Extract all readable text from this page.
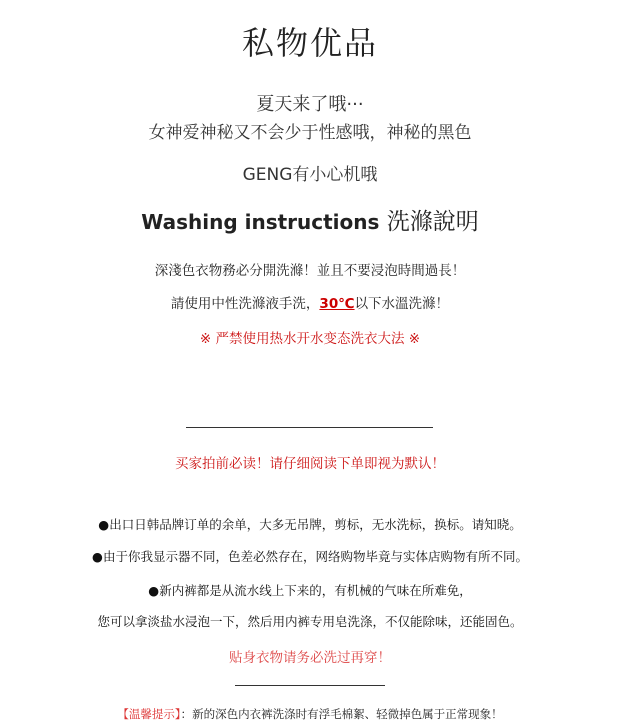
私物优品
夏天来了哦···
女神爱神秘又不会少于性感哦，神秘的黑色
GENG有小心机哦
Washing instructions 洗滌說明
深淺色衣物務必分開洗滌！並且不要浸泡時間過長！
請使用中性洗滌液手洗，30℃以下水溫洗滌！
※ 严禁使用热水开水变态洗衣大法 ※
买家拍前必读！请仔细阅读下单即视为默认！
●出口日韩品牌订单的余单，大多无吊牌，剪标，无水洗标，换标。请知晓。
●由于你我显示器不同，色差必然存在，网络购物毕竟与实体店购物有所不同。
●新内裤都是从流水线上下来的，有机械的气味在所难免，
您可以拿淡盐水浸泡一下，然后用内裤专用皂洗涤，不仅能除味，还能固色。
贴身衣物请务必洗过再穿！
【温馨提示】：新的深色内衣裤洗涤时有浮毛棉絮、轻微掉色属于正常现象！
